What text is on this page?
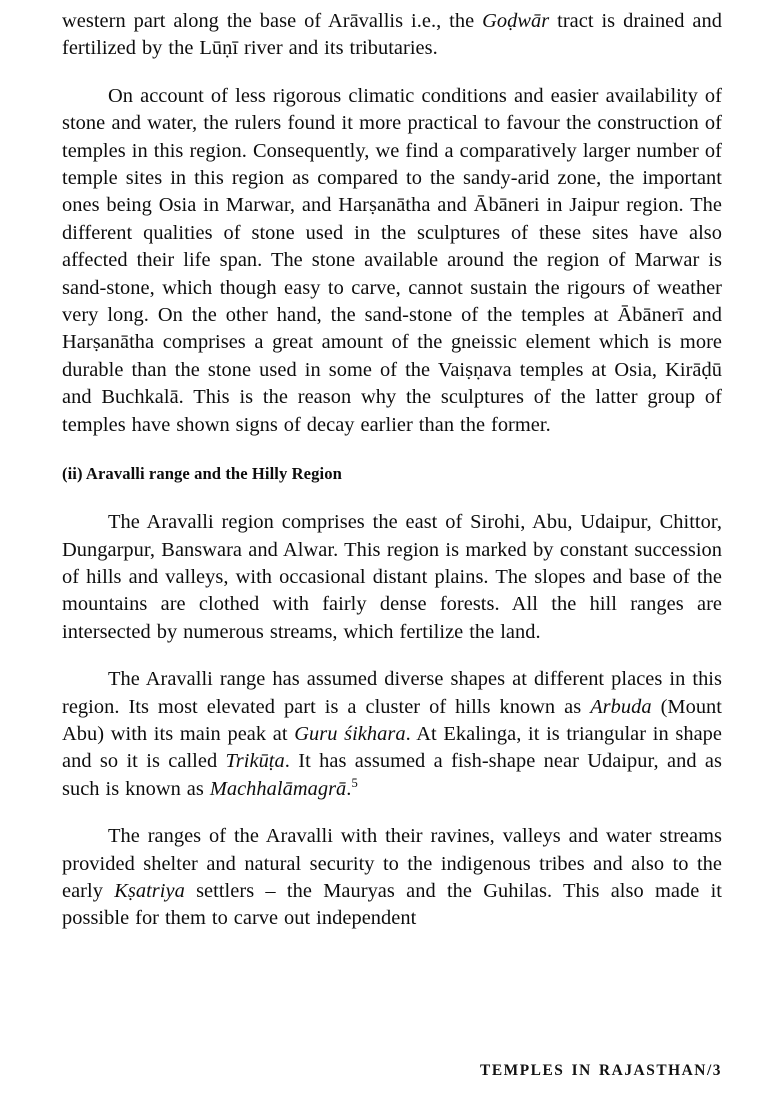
western part along the base of Arāvallis i.e., the Goḍwār tract is drained and fertilized by the Lūṇī river and its tributaries.

On account of less rigorous climatic conditions and easier availability of stone and water, the rulers found it more practical to favour the construction of temples in this region. Consequently, we find a comparatively larger number of temple sites in this region as compared to the sandy-arid zone, the important ones being Osia in Marwar, and Harṣanātha and Ābāneri in Jaipur region. The different qualities of stone used in the sculptures of these sites have also affected their life span. The stone available around the region of Marwar is sand-stone, which though easy to carve, cannot sustain the rigours of weather very long. On the other hand, the sand-stone of the temples at Ābānerī and Harṣanātha comprises a great amount of the gneissic element which is more durable than the stone used in some of the Vaiṣṇava temples at Osia, Kirāḍū and Buchkalā. This is the reason why the sculptures of the latter group of temples have shown signs of decay earlier than the former.

(ii) Aravalli range and the Hilly Region

The Aravalli region comprises the east of Sirohi, Abu, Udaipur, Chittor, Dungarpur, Banswara and Alwar. This region is marked by constant succession of hills and valleys, with occasional distant plains. The slopes and base of the mountains are clothed with fairly dense forests. All the hill ranges are intersected by numerous streams, which fertilize the land.

The Aravalli range has assumed diverse shapes at different places in this region. Its most elevated part is a cluster of hills known as Arbuda (Mount Abu) with its main peak at Guru śikhara. At Ekalinga, it is triangular in shape and so it is called Trikūṭa. It has assumed a fish-shape near Udaipur, and as such is known as Machhalāmagrā.$^5$

The ranges of the Aravalli with their ravines, valleys and water streams provided shelter and natural security to the indigenous tribes and also to the early Kṣatriya settlers – the Mauryas and the Guhilas. This also made it possible for them to carve out independent

TEMPLES IN RAJASTHAN/3
